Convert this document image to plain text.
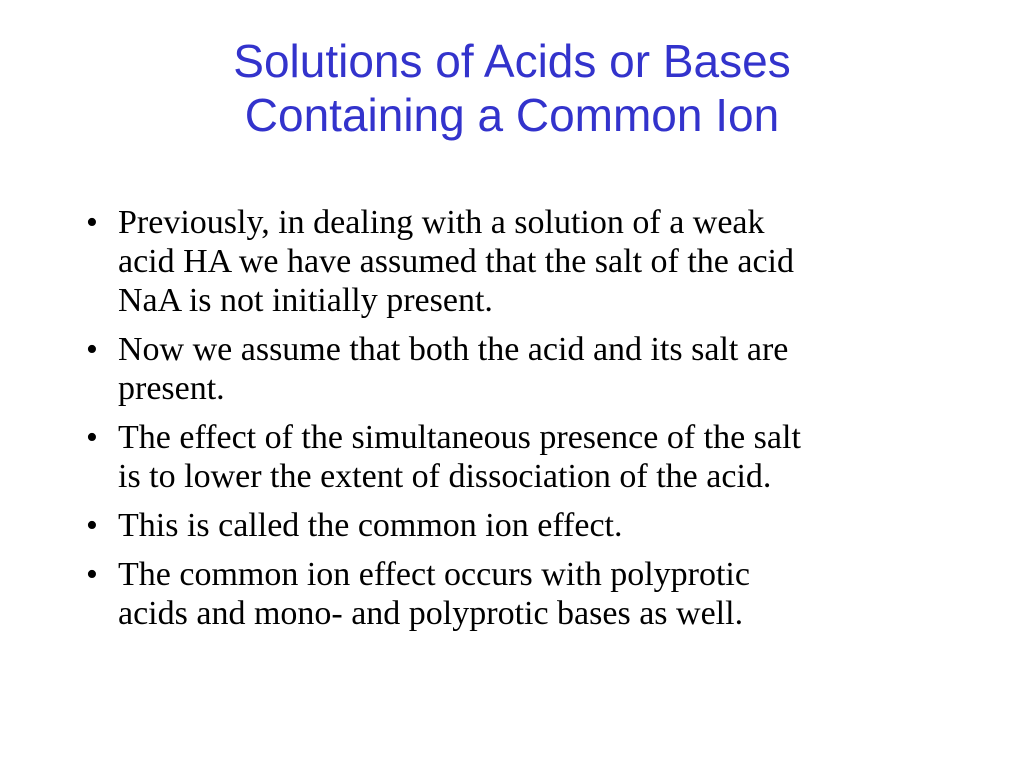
Solutions of Acids or Bases
Containing a Common Ion
• Previously, in dealing with a solution of a weak
acid HA we have assumed that the salt of the acid
NaA is not initially present.
• Now we assume that both the acid and its salt are
present.
• The effect of the simultaneous presence of the salt
is to lower the extent of dissociation of the acid.
• This is called the common ion effect.
• The common ion effect occurs with polyprotic
acids and mono- and polyprotic bases as well.
